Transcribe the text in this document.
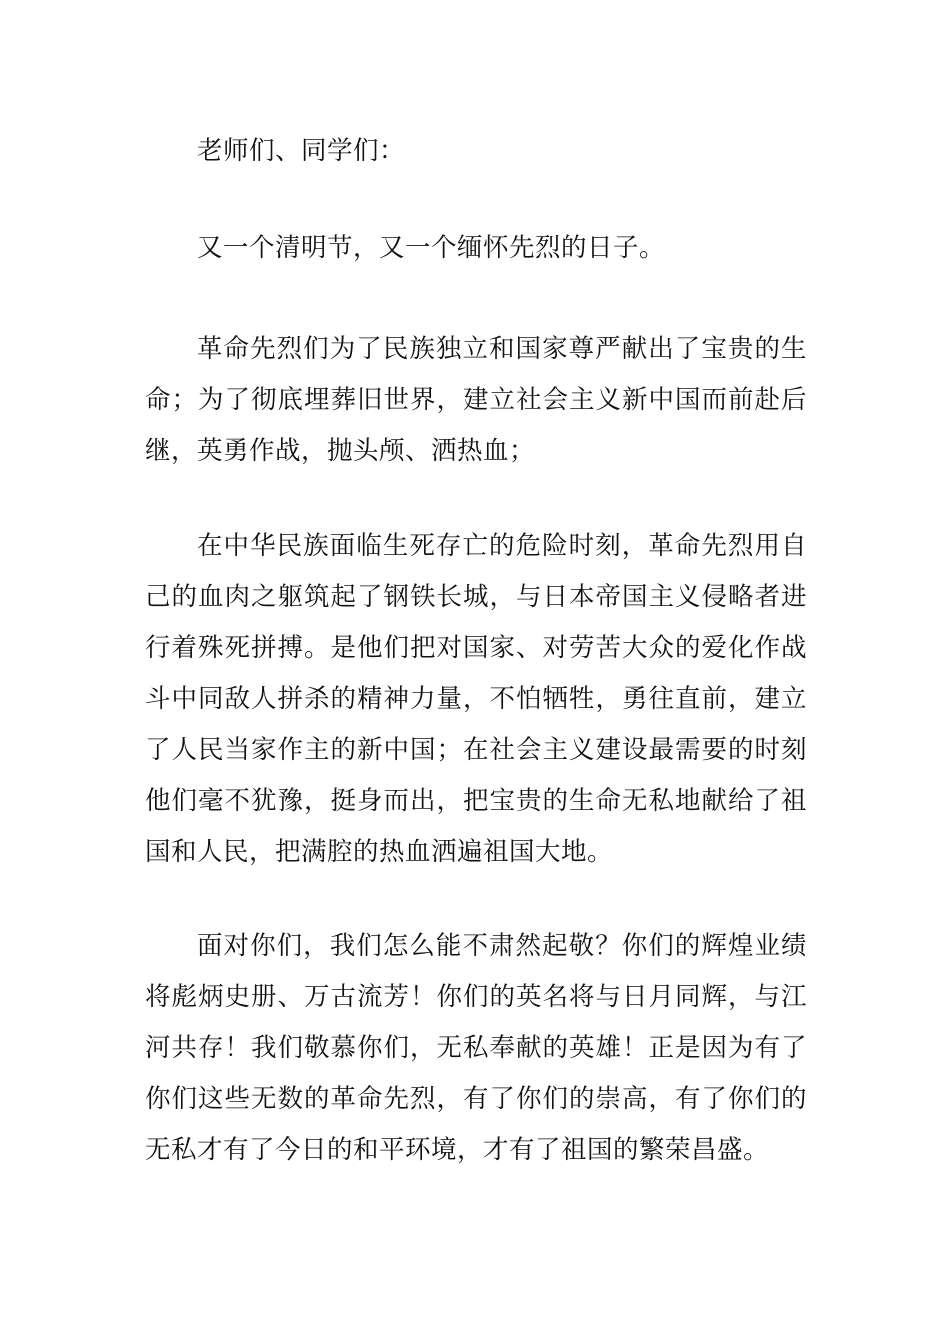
老师们、同学们：

又一个清明节，又一个缅怀先烈的日子。

革命先烈们为了民族独立和国家尊严献出了宝贵的生命；为了彻底埋葬旧世界，建立社会主义新中国而前赴后继，英勇作战，抛头颅、洒热血；

在中华民族面临生死存亡的危险时刻，革命先烈用自己的血肉之躯筑起了钢铁长城，与日本帝国主义侵略者进行着殊死拼搏。是他们把对国家、对劳苦大众的爱化作战斗中同敌人拼杀的精神力量，不怕牺牲，勇往直前，建立了人民当家作主的新中国；在社会主义建设最需要的时刻他们毫不犹豫，挺身而出，把宝贵的生命无私地献给了祖国和人民，把满腔的热血洒遍祖国大地。

面对你们，我们怎么能不肃然起敬？你们的辉煌业绩将彪炳史册、万古流芳！你们的英名将与日月同辉，与江河共存！我们敬慕你们，无私奉献的英雄！正是因为有了你们这些无数的革命先烈，有了你们的崇高，有了你们的无私才有了今日的和平环境，才有了祖国的繁荣昌盛。
